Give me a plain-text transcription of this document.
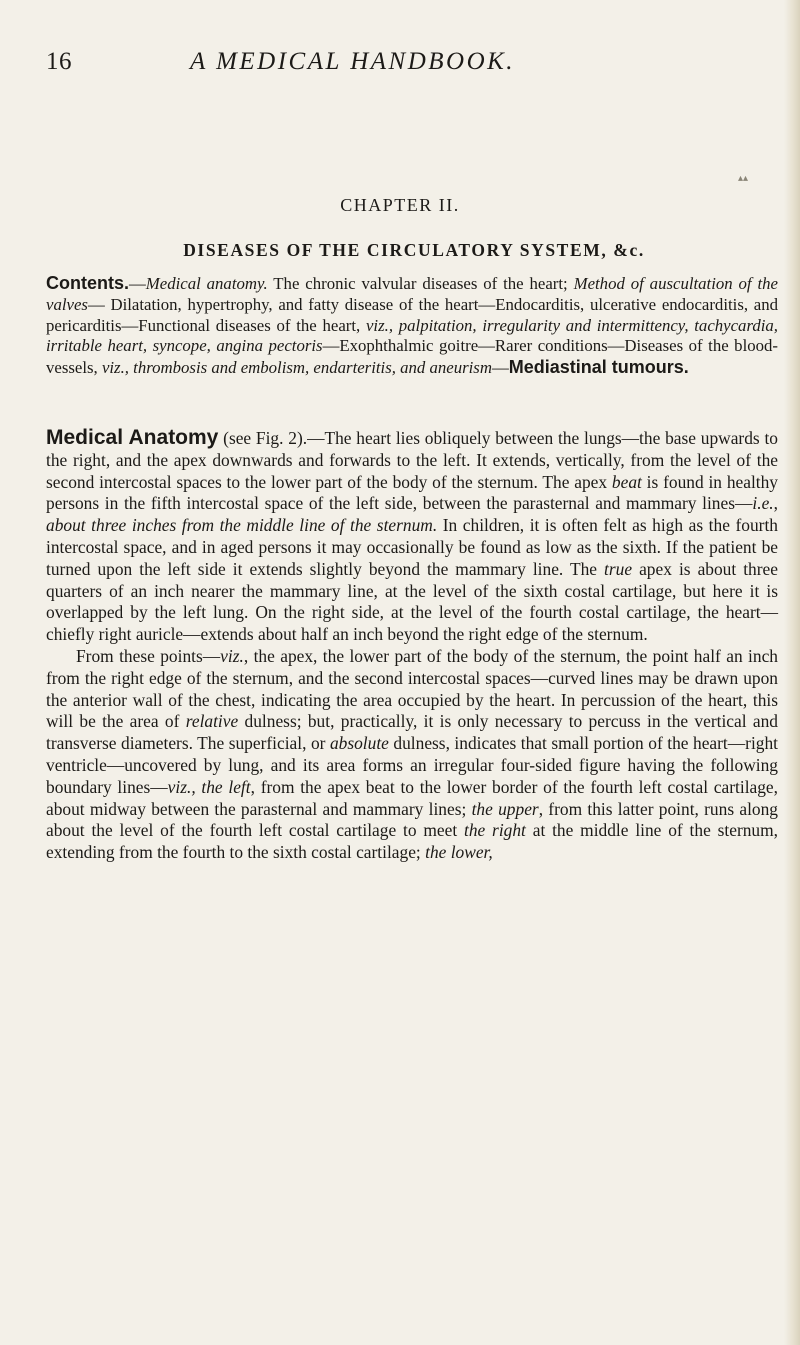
▴▴
16	A MEDICAL HANDBOOK.
CHAPTER II.
DISEASES OF THE CIRCULATORY SYSTEM, &c.

Contents.—Medical anatomy. The chronic valvular diseases of the heart; Method of auscultation of the valves— Dilatation, hypertrophy, and fatty disease of the heart—Endocarditis, ulcerative endocarditis, and pericarditis—Functional diseases of the heart, viz., palpitation, irregularity and intermittency, tachycardia, irritable heart, syncope, angina pectoris—Exophthalmic goitre—Rarer conditions—Diseases of the blood-vessels, viz., thrombosis and embolism, endarteritis, and aneurism—Mediastinal tumours.

Medical Anatomy (see Fig. 2).—The heart lies obliquely between the lungs—the base upwards to the right, and the apex downwards and forwards to the left. It extends, vertically, from the level of the second intercostal spaces to the lower part of the body of the sternum. The apex beat is found in healthy persons in the fifth intercostal space of the left side, between the parasternal and mammary lines—i.e., about three inches from the middle line of the sternum. In children, it is often felt as high as the fourth intercostal space, and in aged persons it may occasionally be found as low as the sixth. If the patient be turned upon the left side it extends slightly beyond the mammary line. The true apex is about three quarters of an inch nearer the mammary line, at the level of the sixth costal cartilage, but here it is overlapped by the left lung. On the right side, at the level of the fourth costal cartilage, the heart—chiefly right auricle—extends about half an inch beyond the right edge of the sternum.

From these points—viz., the apex, the lower part of the body of the sternum, the point half an inch from the right edge of the sternum, and the second intercostal spaces—curved lines may be drawn upon the anterior wall of the chest, indicating the area occupied by the heart. In percussion of the heart, this will be the area of relative dulness; but, practically, it is only necessary to percuss in the vertical and transverse diameters. The superficial, or absolute dulness, indicates that small portion of the heart—right ventricle—uncovered by lung, and its area forms an irregular four-sided figure having the following boundary lines—viz., the left, from the apex beat to the lower border of the fourth left costal cartilage, about midway between the parasternal and mammary lines; the upper, from this latter point, runs along about the level of the fourth left costal cartilage to meet the right at the middle line of the sternum, extending from the fourth to the sixth costal cartilage; the lower,
